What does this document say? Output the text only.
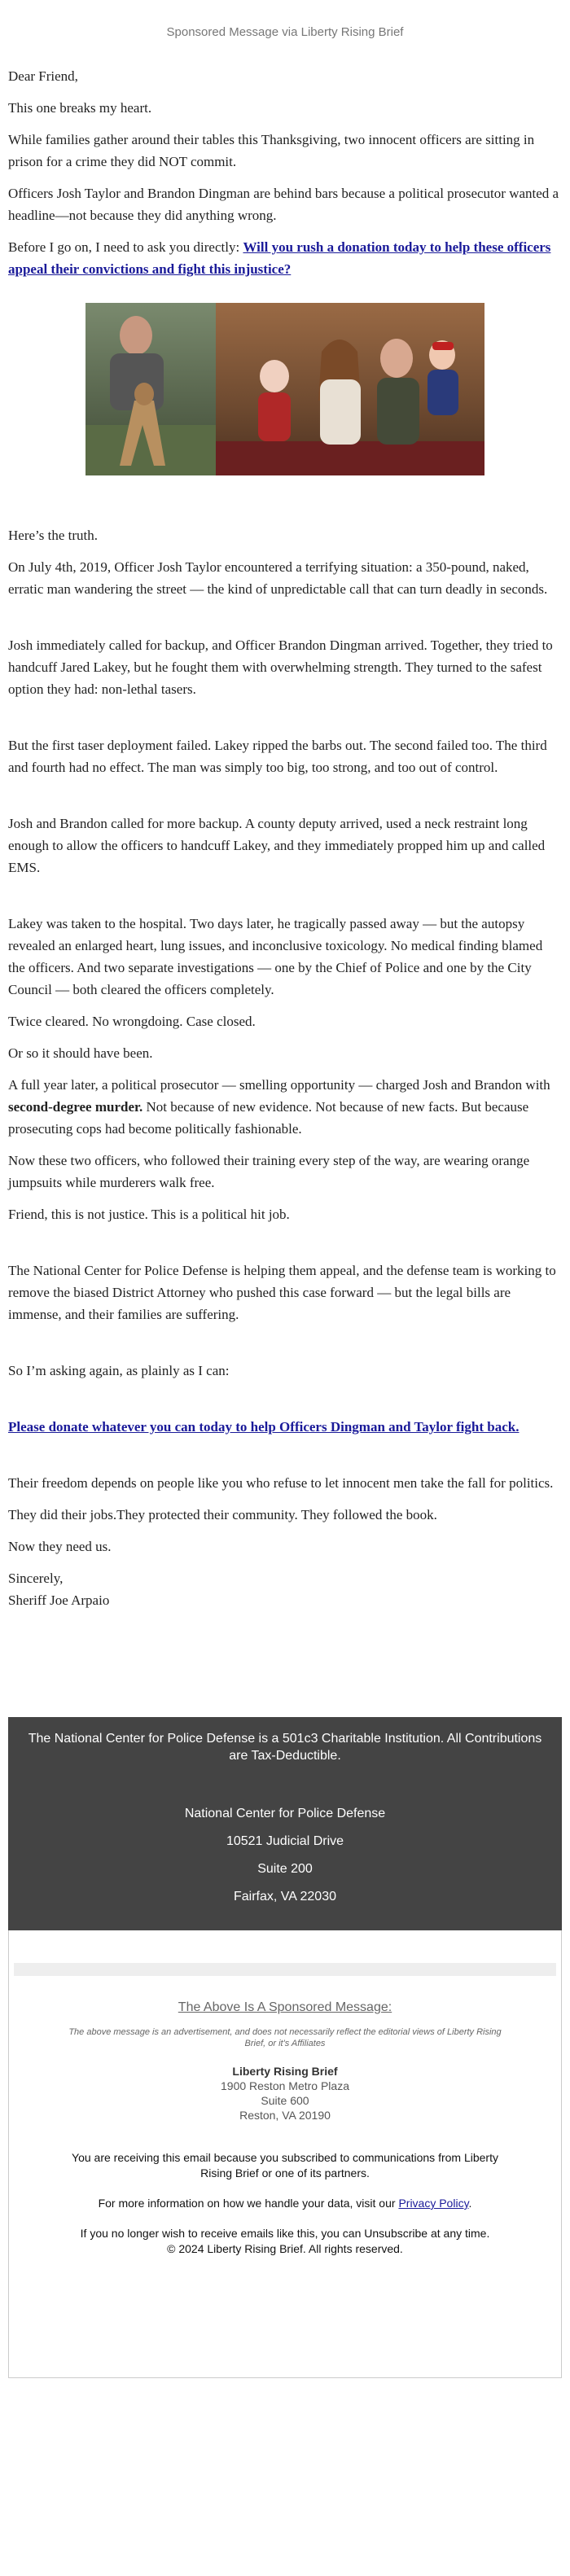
Sponsored Message via Liberty Rising Brief

Dear Friend,

This one breaks my heart.

While families gather around their tables this Thanksgiving, two innocent officers are sitting in prison for a crime they did NOT commit.

Officers Josh Taylor and Brandon Dingman are behind bars because a political prosecutor wanted a headline—not because they did anything wrong.

Before I go on, I need to ask you directly: Will you rush a donation today to help these officers appeal their convictions and fight this injustice?

Here’s the truth.

On July 4th, 2019, Officer Josh Taylor encountered a terrifying situation: a 350-pound, naked, erratic man wandering the street — the kind of unpredictable call that can turn deadly in seconds.

Josh immediately called for backup, and Officer Brandon Dingman arrived. Together, they tried to handcuff Jared Lakey, but he fought them with overwhelming strength. They turned to the safest option they had: non-lethal tasers.

But the first taser deployment failed. Lakey ripped the barbs out. The second failed too. The third and fourth had no effect. The man was simply too big, too strong, and too out of control.

Josh and Brandon called for more backup. A county deputy arrived, used a neck restraint long enough to allow the officers to handcuff Lakey, and they immediately propped him up and called EMS.

Lakey was taken to the hospital. Two days later, he tragically passed away — but the autopsy revealed an enlarged heart, lung issues, and inconclusive toxicology. No medical finding blamed the officers. And two separate investigations — one by the Chief of Police and one by the City Council — both cleared the officers completely.

Twice cleared. No wrongdoing. Case closed.

Or so it should have been.

A full year later, a political prosecutor — smelling opportunity — charged Josh and Brandon with second-degree murder. Not because of new evidence. Not because of new facts. But because prosecuting cops had become politically fashionable.

Now these two officers, who followed their training every step of the way, are wearing orange jumpsuits while murderers walk free.

Friend, this is not justice. This is a political hit job.

The National Center for Police Defense is helping them appeal, and the defense team is working to remove the biased District Attorney who pushed this case forward — but the legal bills are immense, and their families are suffering.

So I’m asking again, as plainly as I can:

Please donate whatever you can today to help Officers Dingman and Taylor fight back.

Their freedom depends on people like you who refuse to let innocent men take the fall for politics.

They did their jobs.They protected their community. They followed the book.

Now they need us.

Sincerely,
Sheriff Joe Arpaio

The National Center for Police Defense is a 501c3 Charitable Institution. All Contributions are Tax-Deductible.

National Center for Police Defense

10521 Judicial Drive

Suite 200

Fairfax, VA 22030

The Above Is A Sponsored Message:

The above message is an advertisement, and does not necessarily reflect the editorial views of Liberty Rising Brief, or it's Affiliates

Liberty Rising Brief

1900 Reston Metro Plaza

Suite 600

Reston, VA 20190

You are receiving this email because you subscribed to communications from Liberty Rising Brief or one of its partners.

For more information on how we handle your data, visit our Privacy Policy.

If you no longer wish to receive emails like this, you can Unsubscribe at any time.
© 2024 Liberty Rising Brief. All rights reserved.
